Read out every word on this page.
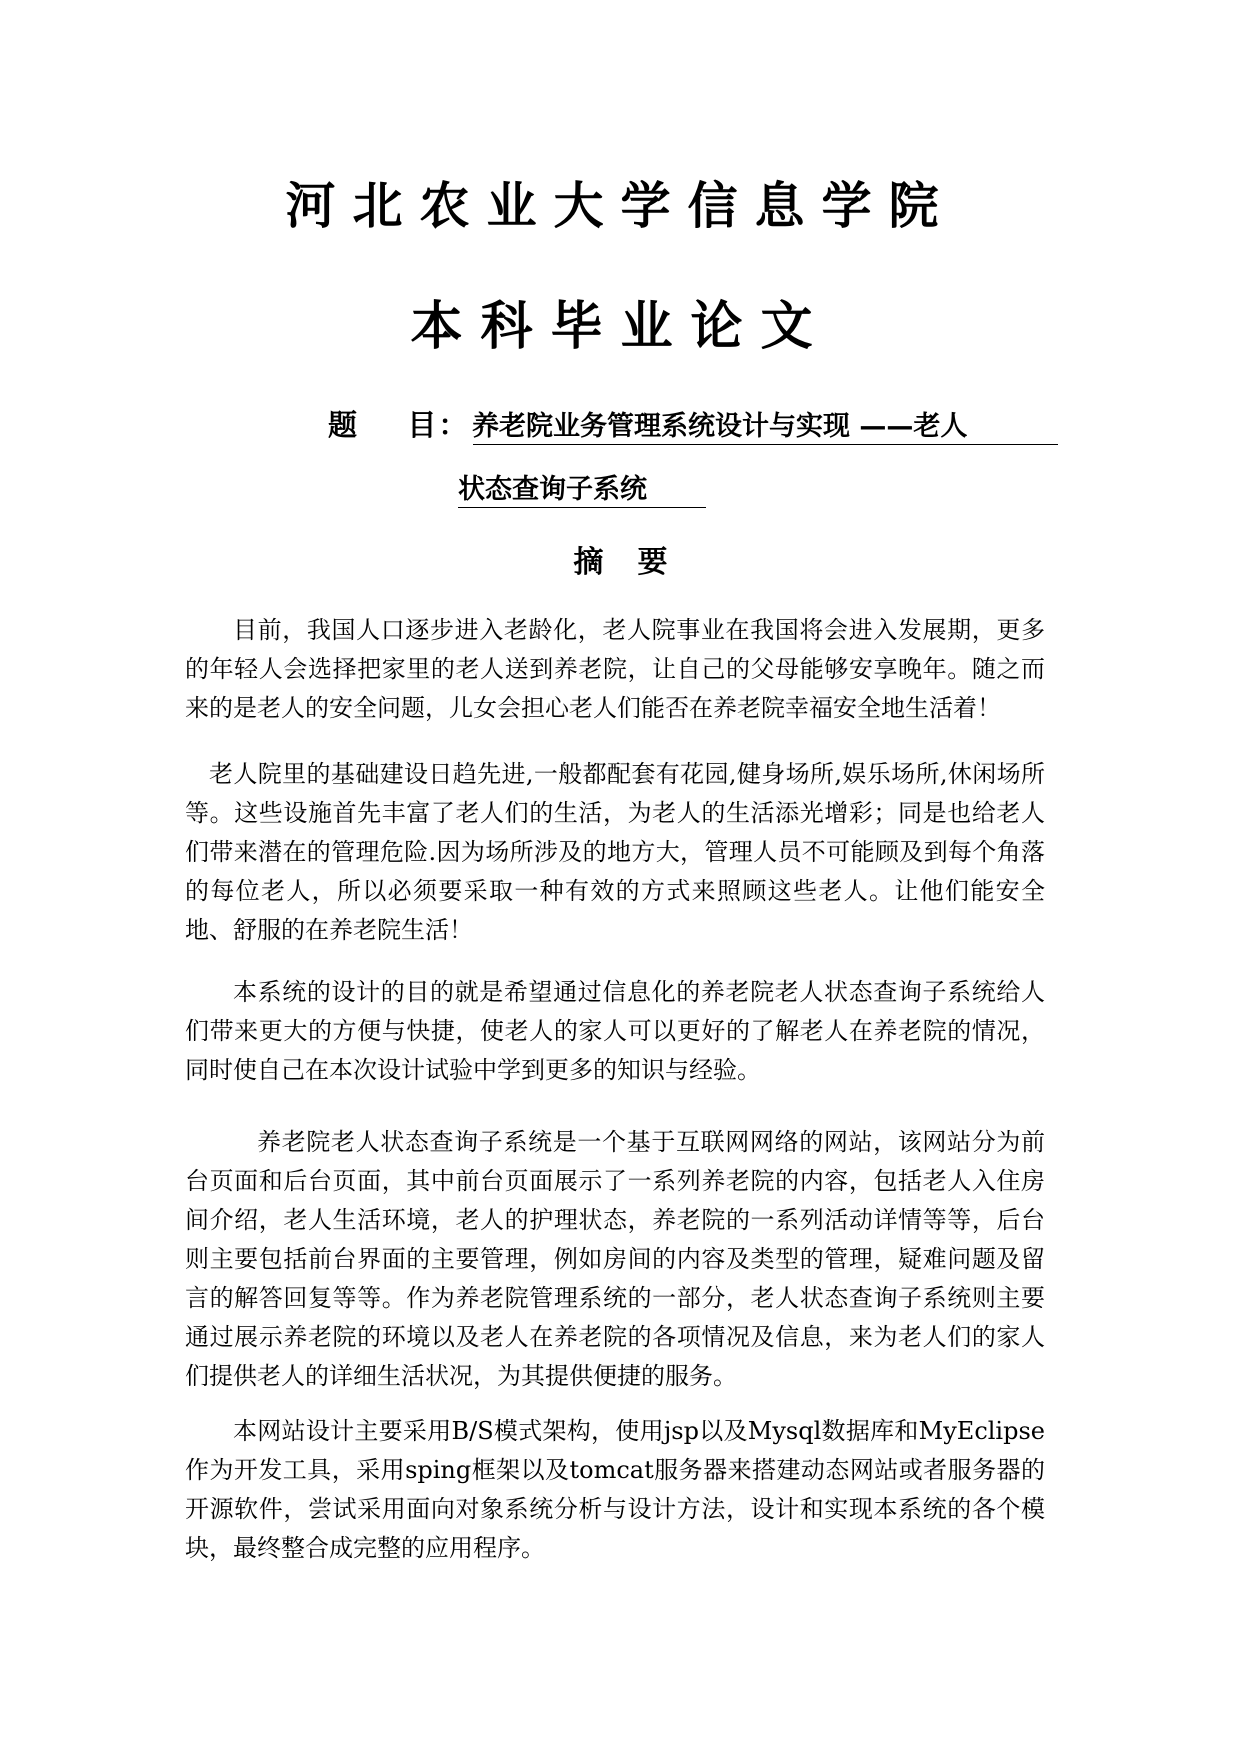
河北农业大学信息学院
本科毕业论文
题    目： 养老院业务管理系统设计与实现 ——老人
状态查询子系统
摘要

目前，我国人口逐步进入老龄化，老人院事业在我国将会进入发展期，更多的年轻人会选择把家里的老人送到养老院，让自己的父母能够安享晚年。随之而来的是老人的安全问题，儿女会担心老人们能否在养老院幸福安全地生活着！

老人院里的基础建设日趋先进,一般都配套有花园,健身场所,娱乐场所,休闲场所等。这些设施首先丰富了老人们的生活，为老人的生活添光增彩；同是也给老人们带来潜在的管理危险.因为场所涉及的地方大，管理人员不可能顾及到每个角落的每位老人，所以必须要采取一种有效的方式来照顾这些老人。让他们能安全地、舒服的在养老院生活！

本系统的设计的目的就是希望通过信息化的养老院老人状态查询子系统给人们带来更大的方便与快捷，使老人的家人可以更好的了解老人在养老院的情况，同时使自己在本次设计试验中学到更多的知识与经验。

养老院老人状态查询子系统是一个基于互联网网络的网站，该网站分为前台页面和后台页面，其中前台页面展示了一系列养老院的内容，包括老人入住房间介绍，老人生活环境，老人的护理状态，养老院的一系列活动详情等等，后台则主要包括前台界面的主要管理，例如房间的内容及类型的管理，疑难问题及留言的解答回复等等。作为养老院管理系统的一部分，老人状态查询子系统则主要通过展示养老院的环境以及老人在养老院的各项情况及信息，来为老人们的家人们提供老人的详细生活状况，为其提供便捷的服务。

本网站设计主要采用B/S模式架构，使用jsp以及Mysql数据库和MyEclipse作为开发工具，采用sping框架以及tomcat服务器来搭建动态网站或者服务器的开源软件，尝试采用面向对象系统分析与设计方法，设计和实现本系统的各个模块，最终整合成完整的应用程序。
